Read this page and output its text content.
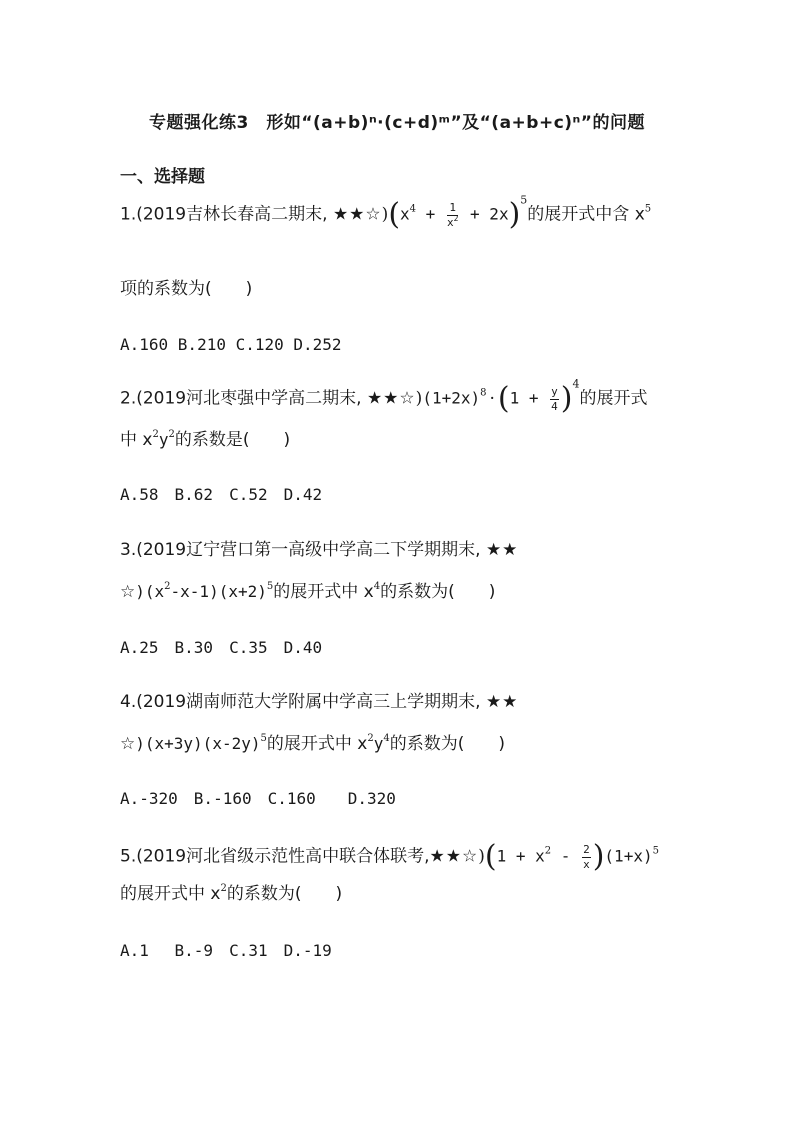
专题强化练3　形如“(a+b)ⁿ·(c+d)ᵐ”及“(a+b+c)ⁿ”的问题
一、选择题
1.(2019吉林长春高二期末, $★★☆)(x^4 + \frac{1}{x^2} + 2x)^5$的展开式中含 $x^5$
项的系数为(　　)
A.160 B.210 C.120 D.252
2.(2019河北枣强中学高二期末, $★★☆)(1+2x)^8 \cdot (1 + \frac{y}{4} )^4$的展开式
中 $x^2y^2$的系数是(　　)
A.58　B.62　C.52　D.42
3.(2019辽宁营口第一高级中学高二下学期期末, ★★
$☆)(x^2-x-1)(x+2)^5$的展开式中 $x^4$的系数为(　　)
A.25　B.30　C.35　D.40
4.(2019湖南师范大学附属中学高三上学期期末, ★★
$☆)(x+3y)(x-2y)^5$的展开式中 $x^2y^4$的系数为(　　)
A.-320　B.-160　C.160　　D.320
5.(2019河北省级示范性高中联合体联考,★★☆)(1 + $x^2 - \frac{2}{x} )(1+x)^5$
的展开式中 $x^2$的系数为(　　)
A.1　 B.-9　C.31　D.-19
